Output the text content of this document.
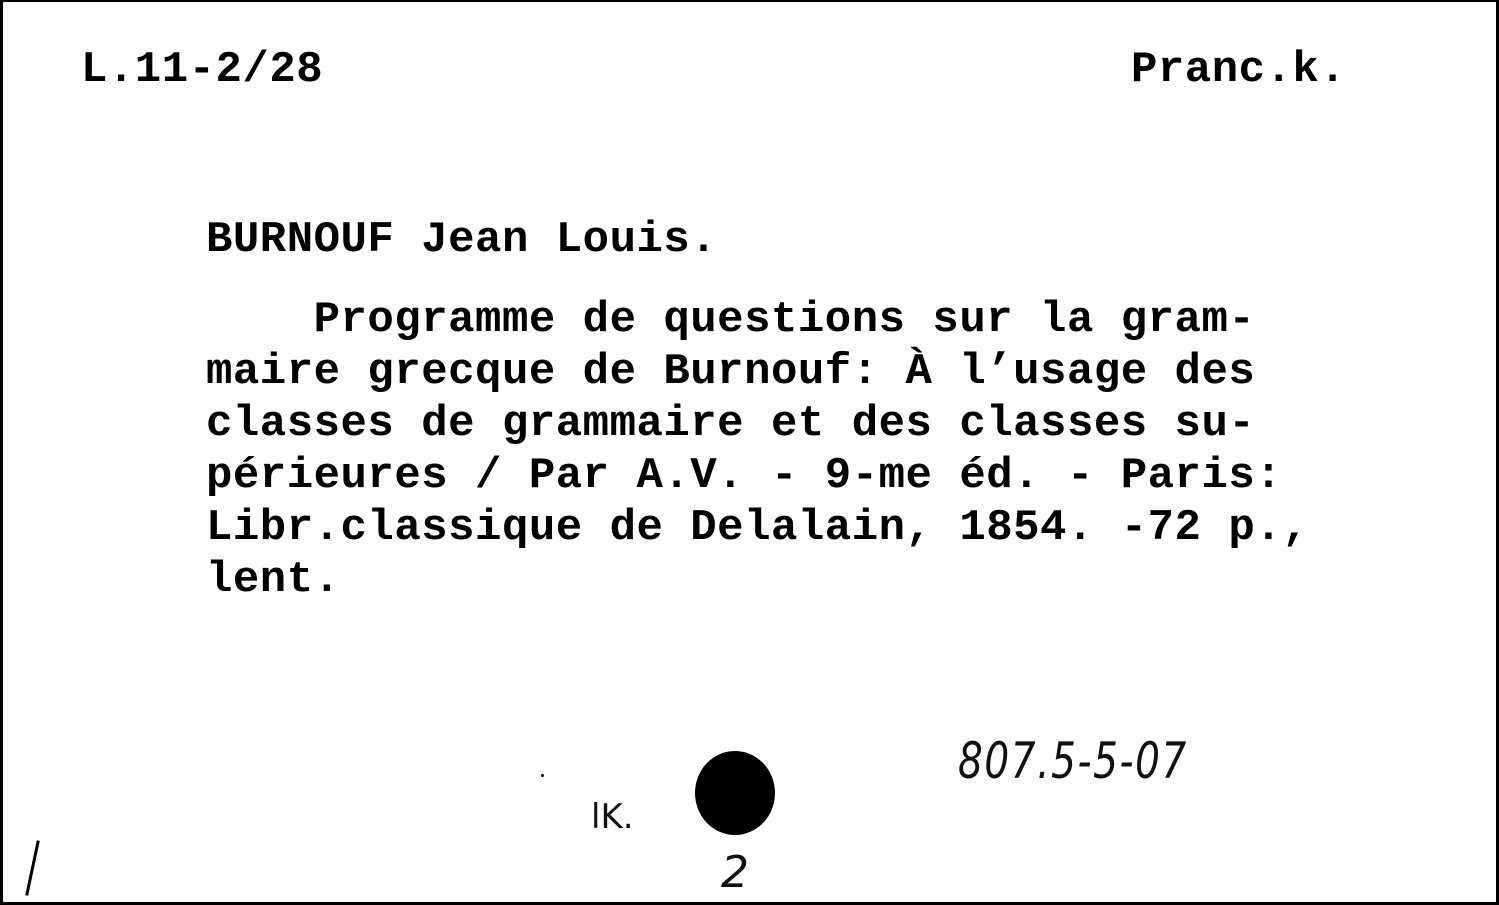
L.11-2/28	Pranc.k.
BURNOUF Jean Louis.
Programme de questions sur la gram-
maire grecque de Burnouf: À l’usage des
classes de grammaire et des classes su-
périeures / Par A.V. - 9-me éd. - Paris:
Libr.classique de Delalain, 1854. -72 p.,
lent.
807.5-5-07
lK.
2
